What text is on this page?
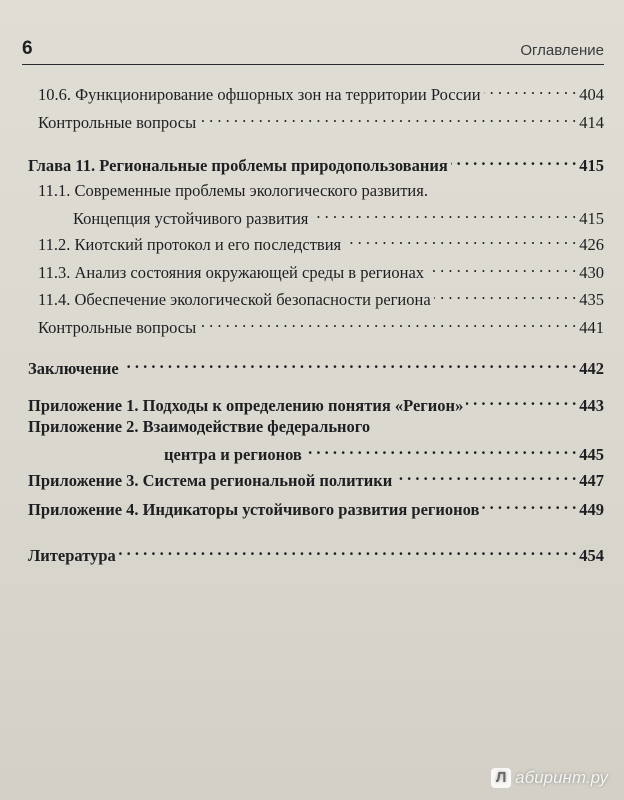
6	Оглавление
10.6. Функционирование офшорных зон на территории России . . .	404
Контрольные вопросы . . .	414
Глава 11. Региональные проблемы природопользования . . .	415
11.1. Современные проблемы экологического развития.
Концепция устойчивого развития . . .	415
11.2. Киотский протокол и его последствия . . .	426
11.3. Анализ состояния окружающей среды в регионах . . .	430
11.4. Обеспечение экологической безопасности региона . . .	435
Контрольные вопросы . . .	441
Заключение . . .	442
Приложение 1. Подходы к определению понятия «Регион» . . .	443
Приложение 2. Взаимодействие федерального
центра и регионов . . .	445
Приложение 3. Система региональной политики . . .	447
Приложение 4. Индикаторы устойчивого развития регионов . . .	449
Литература . . .	454
Л абиринт.ру
